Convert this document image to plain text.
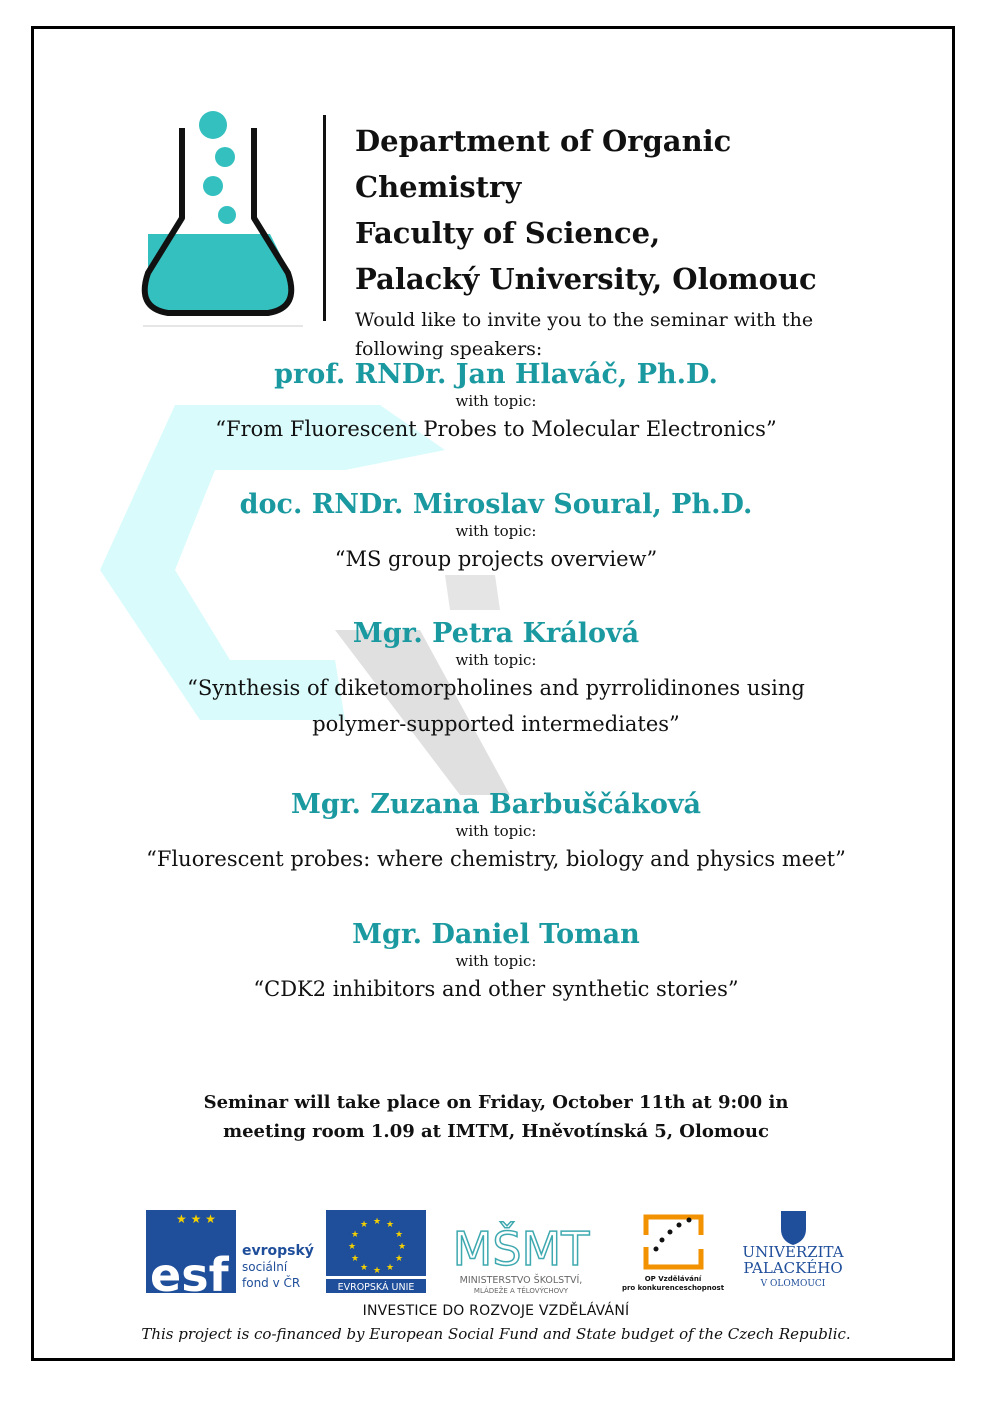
Department of Organic Chemistry
Faculty of Science,
Palacký University, Olomouc
Would like to invite you to the seminar with the following speakers:
prof. RNDr. Jan Hlaváč, Ph.D.
with topic:
“From Fluorescent Probes to Molecular Electronics”
doc. RNDr. Miroslav Soural, Ph.D.
with topic:
“MS group projects overview”
Mgr. Petra Králová
with topic:
“Synthesis of diketomorpholines and pyrrolidinones using polymer-supported intermediates”
Mgr. Zuzana Barbuščáková
with topic:
“Fluorescent probes: where chemistry, biology and physics meet”
Mgr. Daniel Toman
with topic:
“CDK2 inhibitors and other synthetic stories”
Seminar will take place on Friday, October 11th at 9:00 in meeting room 1.09 at IMTM, Hněvotínská 5, Olomouc
★ ★ ★
esf evropský
sociální
fond v ČR
★ ★
★
★
★
★
★
★
★
★
★
★
EVROPSKÁ UNIE
MŠMT
MINISTERSTVO ŠKOLSTVÍ,
MLÁDEŽE A TĚLOVÝCHOVY
OP Vzdělávání
pro konkurenceschopnost
UNIVERZITA
PALACKÉHO
V OLOMOUCI
INVESTICE DO ROZVOJE VZDĚLÁVÁNÍ
This project is co-financed by European Social Fund and State budget of the Czech Republic.
